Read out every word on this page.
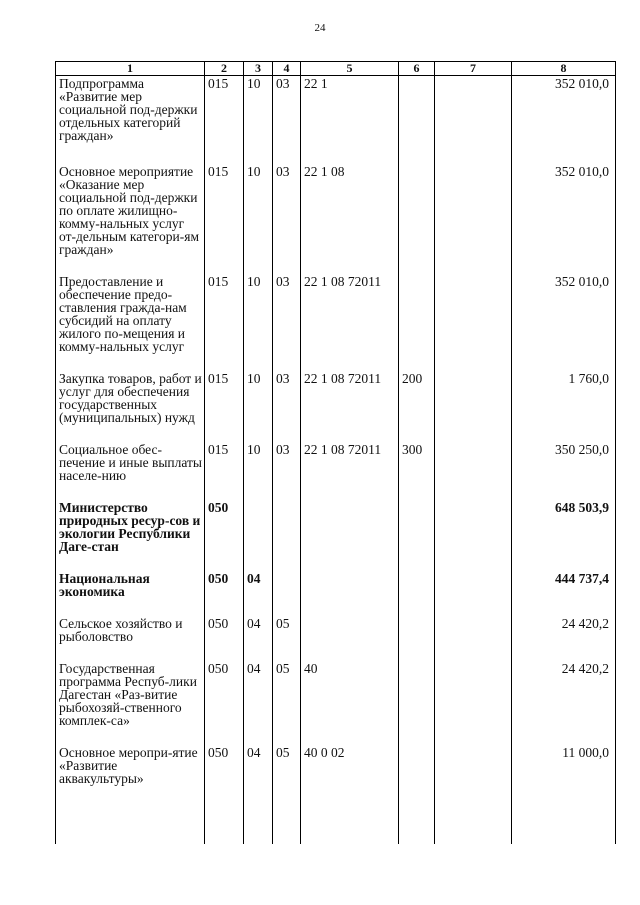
24
1	2	3	4	5	6	7	8
Подпрограмма «Развитие мер социальной под-держки отдельных категорий граждан»	015	10	03	22 1			352 010,0
Основное мероприятие «Оказание мер социальной под-держки по оплате жилищно-комму-нальных услуг от-дельным категори-ям граждан»	015	10	03	22 1 08			352 010,0
Предоставление и обеспечение предо-ставления гражда-нам субсидий на оплату жилого по-мещения и комму-нальных услуг	015	10	03	22 1 08 72011			352 010,0
Закупка товаров, работ и услуг для обеспечения государственных (муниципальных) нужд	015	10	03	22 1 08 72011	200		1 760,0
Социальное обес-печение и иные выплаты населе-нию	015	10	03	22 1 08 72011	300		350 250,0
Министерство природных ресур-сов и экологии Республики Даге-стан	050						648 503,9
Национальная экономика	050	04					444 737,4
Сельское хозяйство и рыболовство	050	04	05				24 420,2
Государственная программа Респуб-лики Дагестан «Раз-витие рыбохозяй-ственного комплек-са»	050	04	05	40			24 420,2
Основное меропри-ятие «Развитие аквакультуры»	050	04	05	40 0 02			11 000,0
